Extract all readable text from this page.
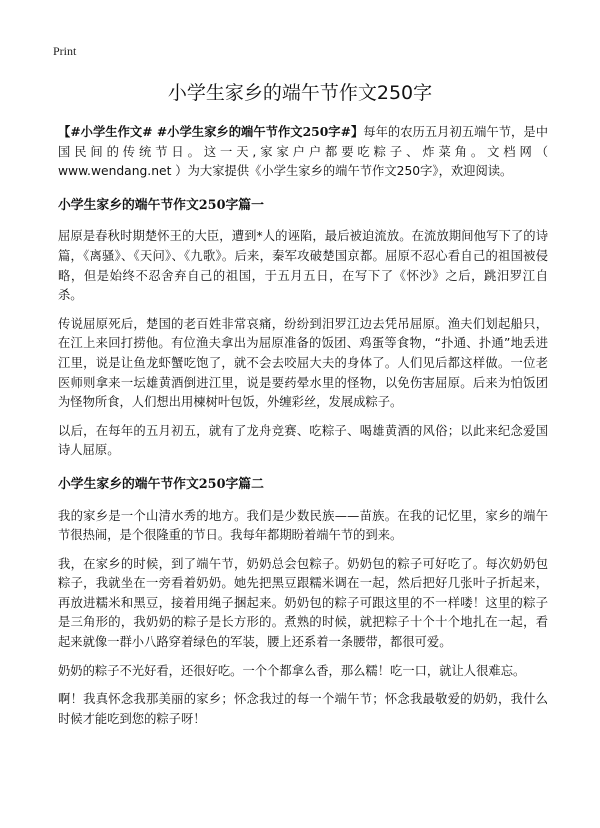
Print
小学生家乡的端午节作文250字

【#小学生作文# #小学生家乡的端午节作文250字#】每年的农历五月初五端午节，是中国民间的传统节日。这一天,家家户户都要吃粽子、炸菜角。文档网（ www.wendang.net ）为大家提供《小学生家乡的端午节作文250字》，欢迎阅读。

小学生家乡的端午节作文250字篇一

屈原是春秋时期楚怀王的大臣，遭到*人的诬陷，最后被迫流放。在流放期间他写下了的诗篇，《离骚》、《天问》、《九歌》。后来，秦军攻破楚国京都。屈原不忍心看自己的祖国被侵略，但是始终不忍舍弃自己的祖国，于五月五日，在写下了《怀沙》之后，跳汨罗江自杀。

传说屈原死后，楚国的老百姓非常哀痛，纷纷到汨罗江边去凭吊屈原。渔夫们划起船只，在江上来回打捞他。有位渔夫拿出为屈原准备的饭团、鸡蛋等食物，“扑通、扑通”地丢进江里，说是让鱼龙虾蟹吃饱了，就不会去咬屈大夫的身体了。人们见后都这样做。一位老医师则拿来一坛雄黄酒倒进江里，说是要药晕水里的怪物，以免伤害屈原。后来为怕饭团为怪物所食，人们想出用楝树叶包饭，外缠彩丝，发展成粽子。

以后，在每年的五月初五，就有了龙舟竞赛、吃粽子、喝雄黄酒的风俗；以此来纪念爱国诗人屈原。

小学生家乡的端午节作文250字篇二

我的家乡是一个山清水秀的地方。我们是少数民族——苗族。在我的记忆里，家乡的端午节很热闹，是个很隆重的节日。我每年都期盼着端午节的到来。

我，在家乡的时候，到了端午节，奶奶总会包粽子。奶奶包的粽子可好吃了。每次奶奶包粽子，我就坐在一旁看着奶奶。她先把黑豆跟糯米调在一起，然后把好几张叶子折起来，再放进糯米和黑豆，接着用绳子捆起来。奶奶包的粽子可跟这里的不一样喽！这里的粽子是三角形的，我奶奶的粽子是长方形的。煮熟的时候，就把粽子十个十个地扎在一起，看起来就像一群小八路穿着绿色的军装，腰上还系着一条腰带，都很可爱。

奶奶的粽子不光好看，还很好吃。一个个都拿么香，那么糯！吃一口，就让人很难忘。

啊！我真怀念我那美丽的家乡；怀念我过的每一个端午节；怀念我最敬爱的奶奶，我什么时候才能吃到您的粽子呀！
